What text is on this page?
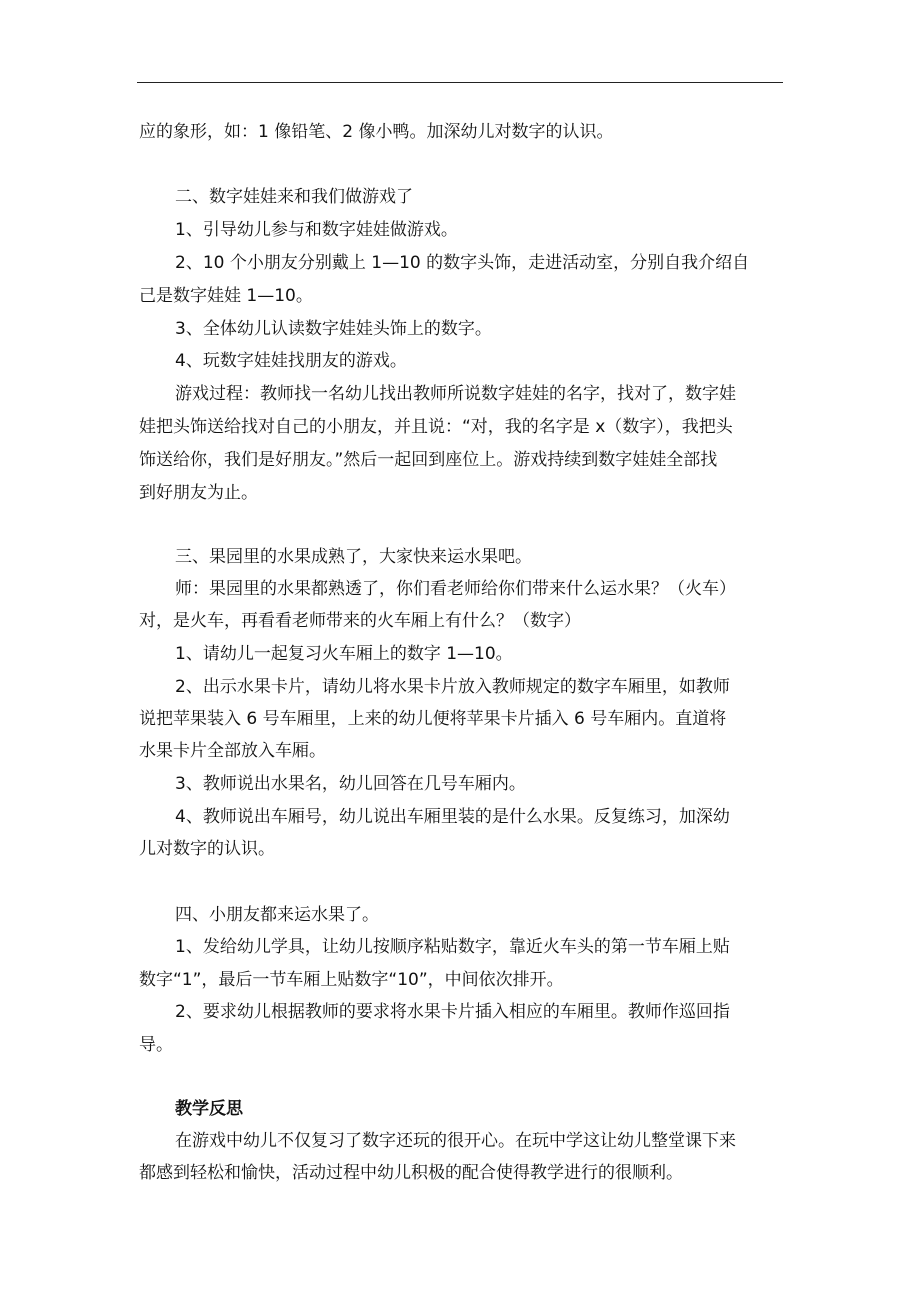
应的象形，如：1 像铅笔、2 像小鸭。加深幼儿对数字的认识。
二、数字娃娃来和我们做游戏了
1、引导幼儿参与和数字娃娃做游戏。
2、10 个小朋友分别戴上 1—10 的数字头饰，走进活动室，分别自我介绍自
己是数字娃娃 1—10。
3、全体幼儿认读数字娃娃头饰上的数字。
4、玩数字娃娃找朋友的游戏。
游戏过程：教师找一名幼儿找出教师所说数字娃娃的名字，找对了，数字娃
娃把头饰送给找对自己的小朋友，并且说：“对，我的名字是 x（数字），我把头
饰送给你，我们是好朋友。”然后一起回到座位上。游戏持续到数字娃娃全部找
到好朋友为止。
三、果园里的水果成熟了，大家快来运水果吧。
师：果园里的水果都熟透了，你们看老师给你们带来什么运水果？（火车）
对，是火车，再看看老师带来的火车厢上有什么？（数字）
1、请幼儿一起复习火车厢上的数字 1—10。
2、出示水果卡片，请幼儿将水果卡片放入教师规定的数字车厢里，如教师
说把苹果装入 6 号车厢里，上来的幼儿便将苹果卡片插入 6 号车厢内。直道将
水果卡片全部放入车厢。
3、教师说出水果名，幼儿回答在几号车厢内。
4、教师说出车厢号，幼儿说出车厢里装的是什么水果。反复练习，加深幼
儿对数字的认识。
四、小朋友都来运水果了。
1、发给幼儿学具，让幼儿按顺序粘贴数字，靠近火车头的第一节车厢上贴
数字“1”，最后一节车厢上贴数字“10”，中间依次排开。
2、要求幼儿根据教师的要求将水果卡片插入相应的车厢里。教师作巡回指
导。
教学反思
在游戏中幼儿不仅复习了数字还玩的很开心。在玩中学这让幼儿整堂课下来
都感到轻松和愉快，活动过程中幼儿积极的配合使得教学进行的很顺利。
